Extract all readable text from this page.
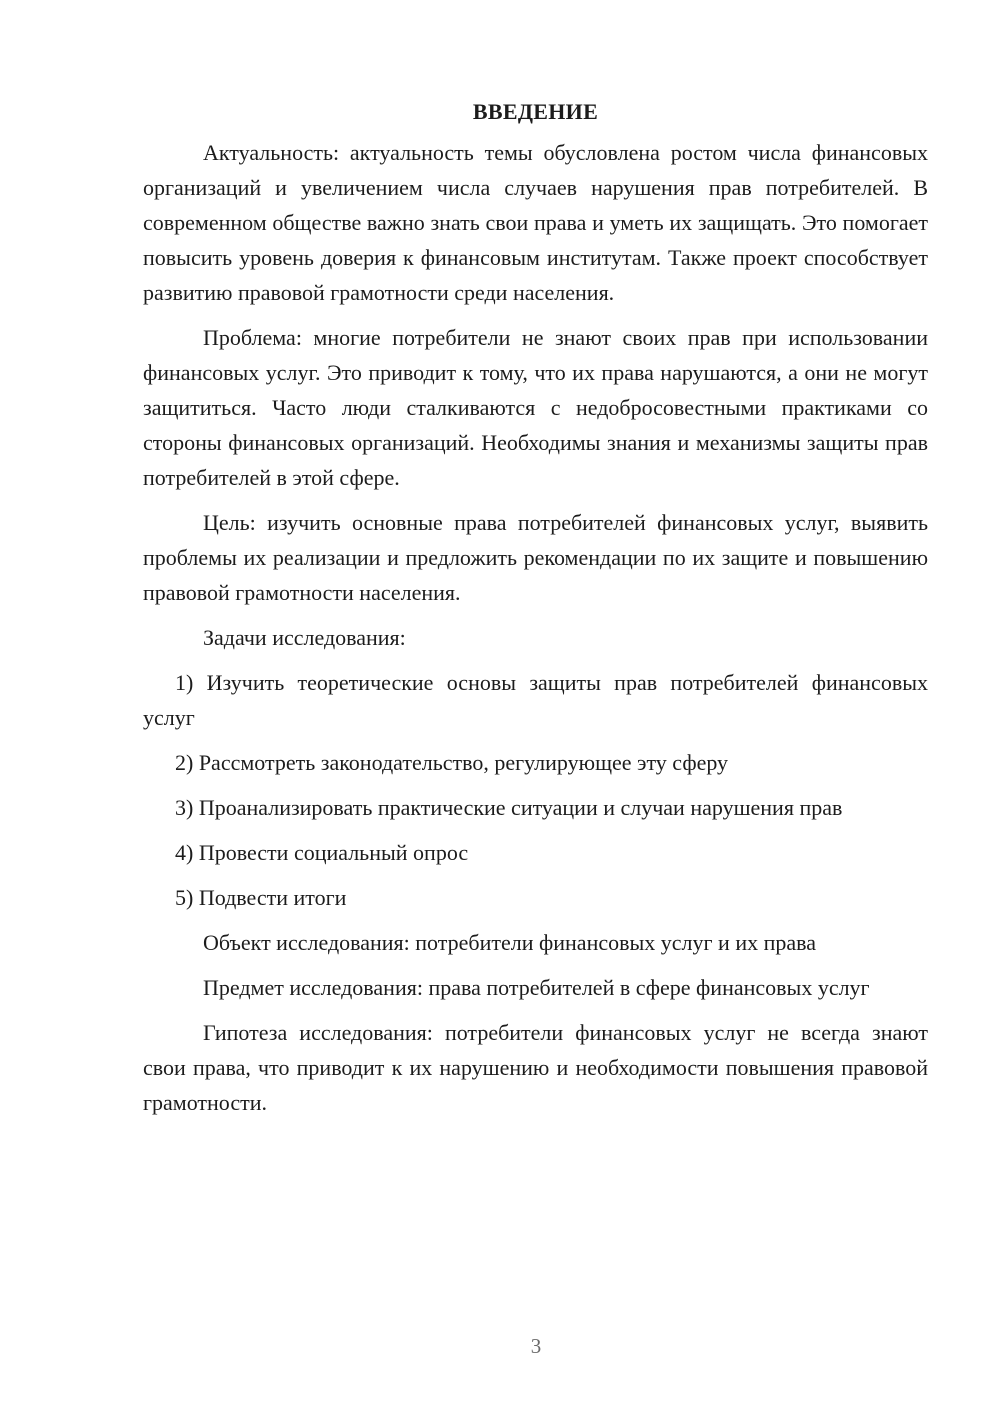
ВВЕДЕНИЕ

Актуальность: актуальность темы обусловлена ростом числа финансовых организаций и увеличением числа случаев нарушения прав потребителей. В современном обществе важно знать свои права и уметь их защищать. Это помогает повысить уровень доверия к финансовым институтам. Также проект способствует развитию правовой грамотности среди населения.

Проблема: многие потребители не знают своих прав при использовании финансовых услуг. Это приводит к тому, что их права нарушаются, а они не могут защититься. Часто люди сталкиваются с недобросовестными практиками со стороны финансовых организаций. Необходимы знания и механизмы защиты прав потребителей в этой сфере.

Цель: изучить основные права потребителей финансовых услуг, выявить проблемы их реализации и предложить рекомендации по их защите и повышению правовой грамотности населения.

Задачи исследования:

1) Изучить теоретические основы защиты прав потребителей финансовых услуг

2) Рассмотреть законодательство, регулирующее эту сферу

3) Проанализировать практические ситуации и случаи нарушения прав

4) Провести социальный опрос

5) Подвести итоги

Объект исследования: потребители финансовых услуг и их права

Предмет исследования: права потребителей в сфере финансовых услуг

Гипотеза исследования: потребители финансовых услуг не всегда знают свои права, что приводит к их нарушению и необходимости повышения правовой грамотности.

3
